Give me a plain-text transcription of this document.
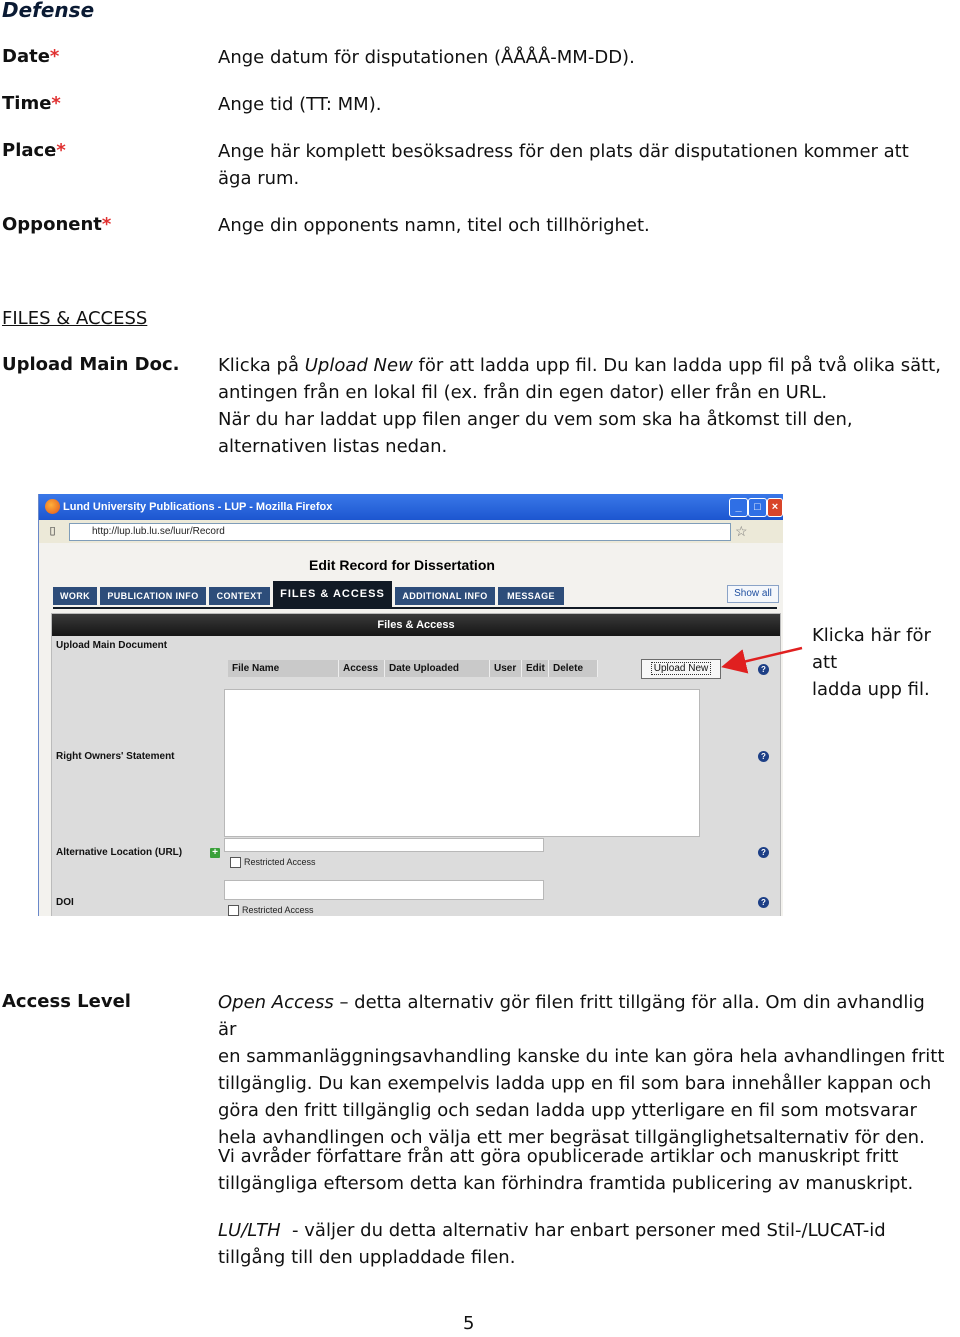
Defense
Date*	Ange datum för disputationen (ÅÅÅÅ-MM-DD).
Time*	Ange tid (TT: MM).
Place*	Ange här komplett besöksadress för den plats där disputationen kommer att äga rum.
Opponent*	Ange din opponents namn, titel och tillhörighet.
FILES & ACCESS
Upload Main Doc. Klicka på Upload New för att ladda upp fil. Du kan ladda upp fil på två olika sätt,
antingen från en lokal fil (ex. från din egen dator) eller från en URL.
När du har laddat upp filen anger du vem som ska ha åtkomst till den,
alternativen listas nedan.
Lund University Publications - LUP - Mozilla Firefox	_	□ ×
▯	http://lup.lub.lu.se/luur/Record	☆
Edit Record for Dissertation
WORK	PUBLICATION INFO	CONTEXT	FILES & ACCESS	ADDITIONAL INFO	MESSAGE	Show all
Files & Access
Upload Main Document
File Name	Access	Date Uploaded	User Edit Delete	Upload New	?
Right Owners' Statement	?
Alternative Location (URL)	+
Restricted Access
?
DOI
Restricted Access
?
Klicka här för att
ladda upp fil.
Access Level	Open Access – detta alternativ gör filen fritt tillgäng för alla. Om din avhandlig är
en sammanläggningsavhandling kanske du inte kan göra hela avhandlingen fritt
tillgänglig. Du kan exempelvis ladda upp en fil som bara innehåller kappan och
göra den fritt tillgänglig och sedan ladda upp ytterligare en fil som motsvarar
hela avhandlingen och välja ett mer begräsat tillgänglighetsalternativ för den.
Vi avråder författare från att göra opublicerade artiklar och manuskript fritt
tillgängliga eftersom detta kan förhindra framtida publicering av manuskript.
LU/LTH  - väljer du detta alternativ har enbart personer med Stil-/LUCAT-id
tillgång till den uppladdade filen.
5
